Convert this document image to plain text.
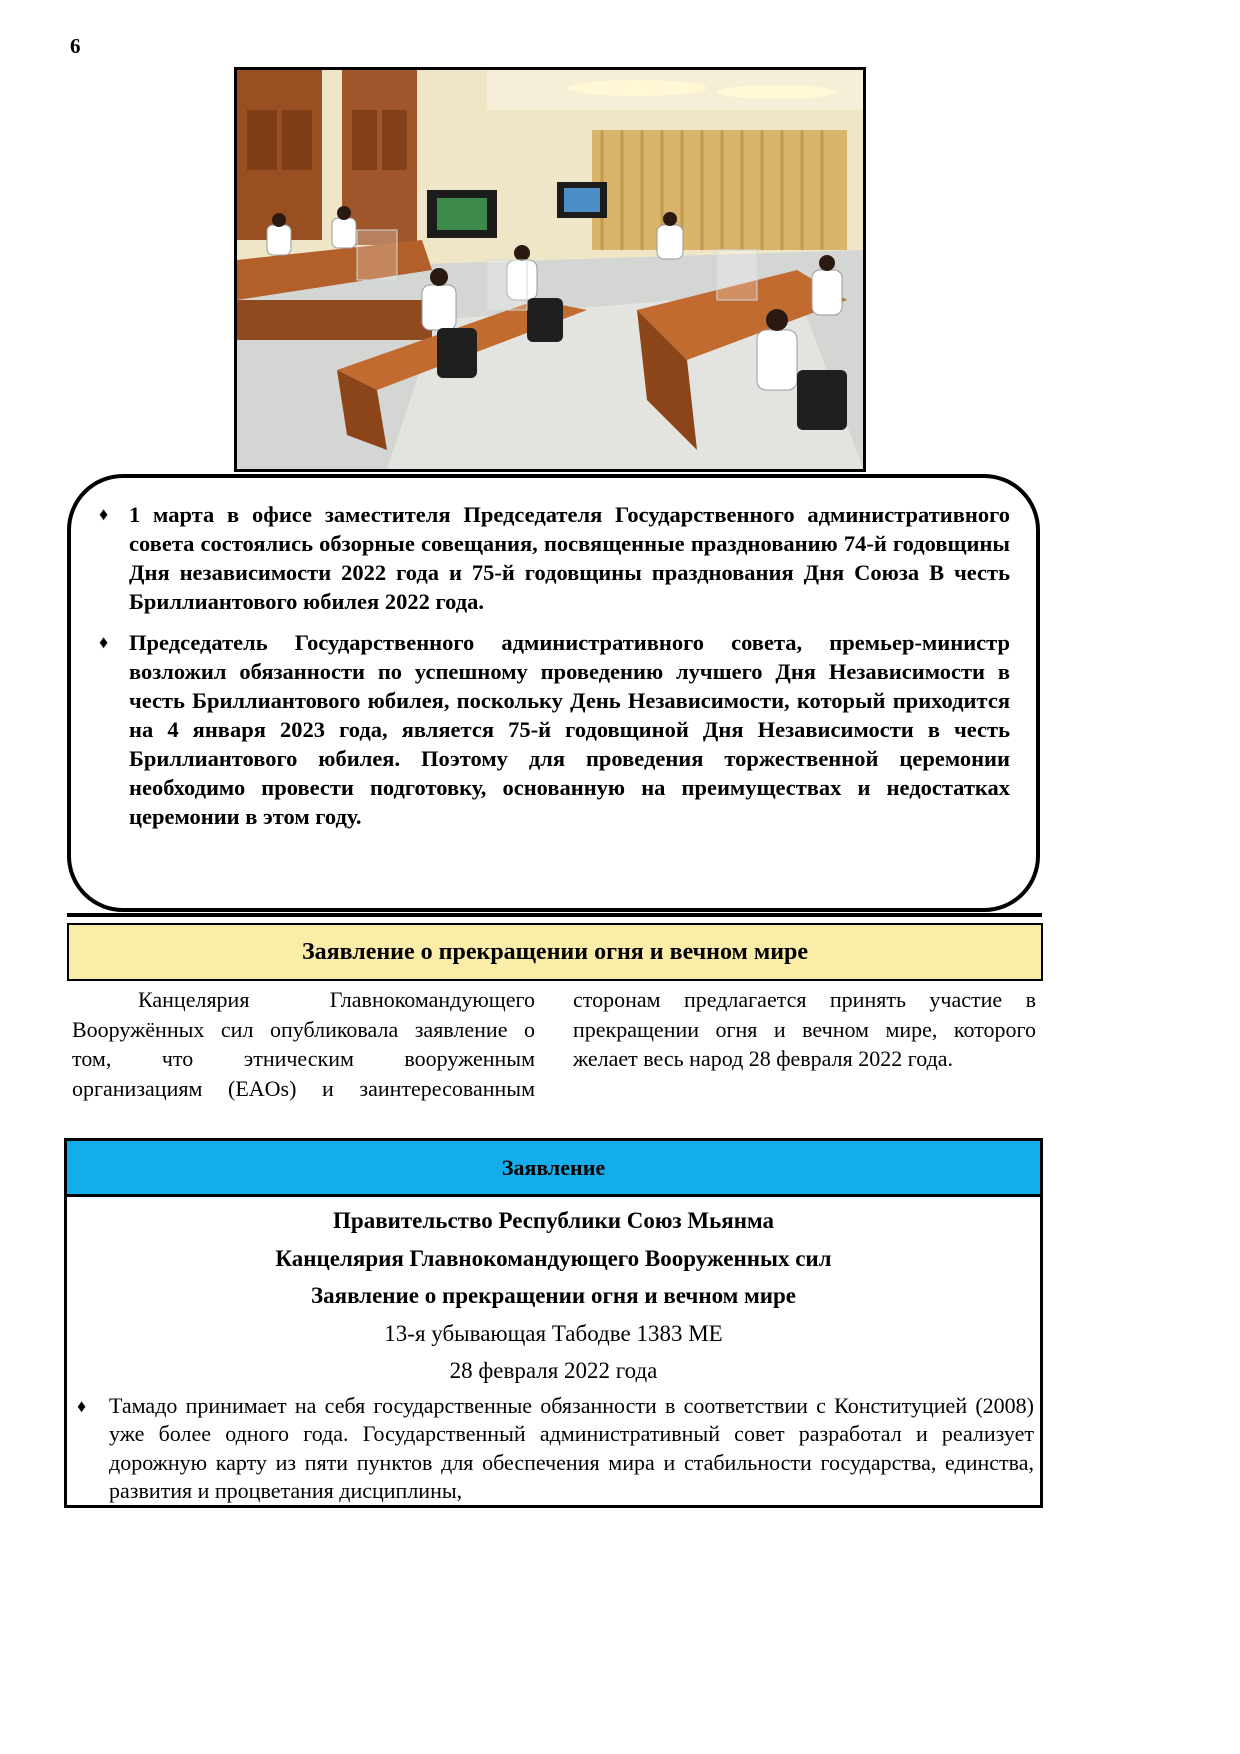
6
♦ 1 марта в офисе заместителя Председателя Государственного административного совета состоялись обзорные совещания, посвященные празднованию 74-й годовщины Дня независимости 2022 года и 75-й годовщины празднования Дня Союза В честь Бриллиантового юбилея 2022 года.
♦ Председатель Государственного административного совета, премьер-министр возложил обязанности по успешному проведению лучшего Дня Независимости в честь Бриллиантового юбилея, поскольку День Независимости, который приходится на 4 января 2023 года, является 75-й годовщиной Дня Независимости в честь Бриллиантового юбилея. Поэтому для проведения торжественной церемонии необходимо провести подготовку, основанную на преимуществах и недостатках церемонии в этом году.
Заявление о прекращении огня и вечном мире

Канцелярия Главнокомандующего Вооружённых сил опубликовала заявление о том, что этническим вооруженным организациям (EAOs) и заинтересованным сторонам предлагается принять участие в прекращении огня и вечном мире, которого желает весь народ 28 февраля 2022 года.

Заявление

Правительство Республики Союз Мьянма

Канцелярия Главнокомандующего Вооруженных сил

Заявление о прекращении огня и вечном мире

13-я убывающая Табодве 1383 ME

28 февраля 2022 года

♦ Тамадо принимает на себя государственные обязанности в соответствии с Конституцией (2008) уже более одного года. Государственный административный совет разработал и реализует дорожную карту из пяти пунктов для обеспечения мира и стабильности государства, единства, развития и процветания дисциплины,
